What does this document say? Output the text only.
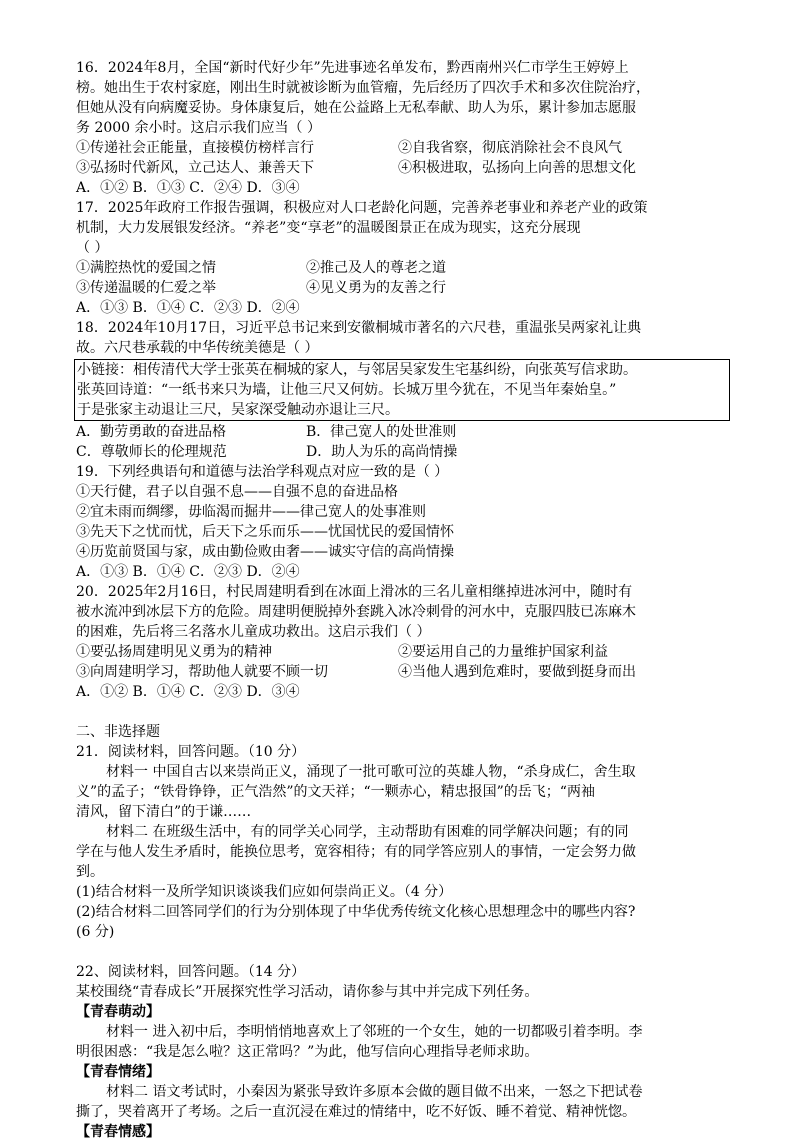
16．2024年8月，全国“新时代好少年”先进事迹名单发布，黔西南州兴仁市学生王婷婷上
榜。她出生于农村家庭，刚出生时就被诊断为血管瘤，先后经历了四次手术和多次住院治疗，
但她从没有向病魔妥协。身体康复后，她在公益路上无私奉献、助人为乐，累计参加志愿服
务 2000 余小时。这启示我们应当（ ）
①传递社会正能量，直接模仿榜样言行	②自我省察，彻底消除社会不良风气
③弘扬时代新风，立己达人、兼善天下	④积极进取，弘扬向上向善的思想文化
A．①② B．①③ C．②④ D．③④
17．2025年政府工作报告强调，积极应对人口老龄化问题，完善养老事业和养老产业的政策
机制，大力发展银发经济。“养老”变“享老”的温暖图景正在成为现实，这充分展现
（ ）
①满腔热忱的爱国之情	②推己及人的尊老之道
③传递温暖的仁爱之举	④见义勇为的友善之行
A．①③ B．①④ C．②③ D．②④
18．2024年10月17日，习近平总书记来到安徽桐城市著名的六尺巷，重温张吴两家礼让典
故。六尺巷承载的中华传统美德是（ ）
小链接：相传清代大学士张英在桐城的家人，与邻居吴家发生宅基纠纷，向张英写信求助。
张英回诗道：“一纸书来只为墙，让他三尺又何妨。长城万里今犹在，不见当年秦始皇。”
于是张家主动退让三尺，吴家深受触动亦退让三尺。
A．勤劳勇敢的奋进品格	B．律己宽人的处世准则
C．尊敬师长的伦理规范	D．助人为乐的高尚情操
19．下列经典语句和道德与法治学科观点对应一致的是（ ）
①天行健，君子以自强不息——自强不息的奋进品格
②宜未雨而绸缪，毋临渴而掘井——律己宽人的处事准则
③先天下之忧而忧，后天下之乐而乐——忧国忧民的爱国情怀
④历览前贤国与家，成由勤俭败由奢——诚实守信的高尚情操
A．①③ B．①④ C．②③ D．②④
20．2025年2月16日，村民周建明看到在冰面上滑冰的三名儿童相继掉进冰河中，随时有
被水流冲到冰层下方的危险。周建明便脱掉外套跳入冰冷刺骨的河水中，克服四肢已冻麻木
的困难，先后将三名落水儿童成功救出。这启示我们（ ）
①要弘扬周建明见义勇为的精神	②要运用自己的力量维护国家利益
③向周建明学习，帮助他人就要不顾一切	④当他人遇到危难时，要做到挺身而出
A．①② B．①④ C．②③ D．③④
二、非选择题
21．阅读材料，回答问题。（10 分）
材料一 中国自古以来崇尚正义，涌现了一批可歌可泣的英雄人物，“杀身成仁，舍生取
义”的孟子；“铁骨铮铮，正气浩然”的文天祥；“一颗赤心，精忠报国”的岳飞；“两袖
清风，留下清白”的于谦……
材料二 在班级生活中，有的同学关心同学，主动帮助有困难的同学解决问题；有的同
学在与他人发生矛盾时，能换位思考，宽容相待；有的同学答应别人的事情，一定会努力做
到。
(1)结合材料一及所学知识谈谈我们应如何崇尚正义。（4 分）
(2)结合材料二回答同学们的行为分别体现了中华优秀传统文化核心思想理念中的哪些内容?
(6 分)
22、阅读材料，回答问题。（14 分）
某校围绕“青春成长”开展探究性学习活动，请你参与其中并完成下列任务。
【青春萌动】
材料一 进入初中后，李明悄悄地喜欢上了邻班的一个女生，她的一切都吸引着李明。李
明很困惑：“我是怎么啦？这正常吗？”为此，他写信向心理指导老师求助。
【青春情绪】
材料二 语文考试时，小秦因为紧张导致许多原本会做的题目做不出来，一怒之下把试卷
撕了，哭着离开了考场。之后一直沉浸在难过的情绪中，吃不好饭、睡不着觉、精神恍惚。
【青春情感】
